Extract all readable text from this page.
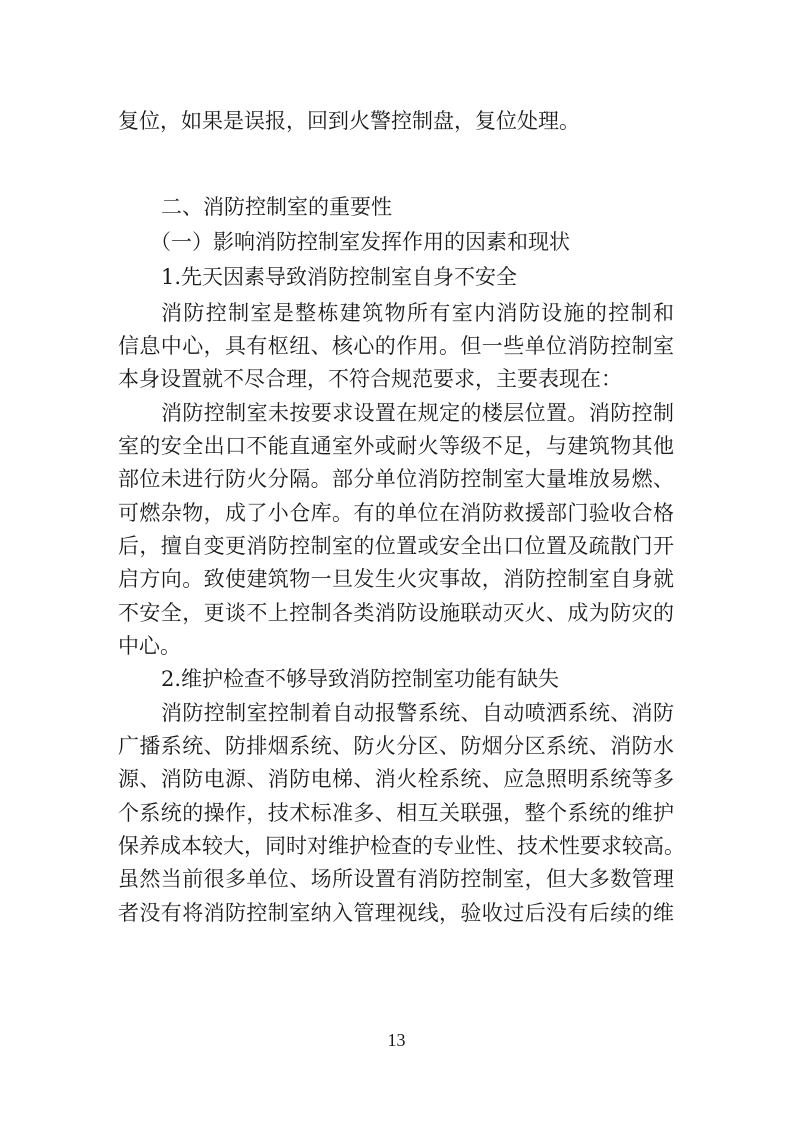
复位，如果是误报，回到火警控制盘，复位处理。
二、消防控制室的重要性
（一）影响消防控制室发挥作用的因素和现状
1.先天因素导致消防控制室自身不安全
消防控制室是整栋建筑物所有室内消防设施的控制和
信息中心，具有枢纽、核心的作用。但一些单位消防控制室
本身设置就不尽合理，不符合规范要求，主要表现在：
消防控制室未按要求设置在规定的楼层位置。消防控制
室的安全出口不能直通室外或耐火等级不足，与建筑物其他
部位未进行防火分隔。部分单位消防控制室大量堆放易燃、
可燃杂物，成了小仓库。有的单位在消防救援部门验收合格
后，擅自变更消防控制室的位置或安全出口位置及疏散门开
启方向。致使建筑物一旦发生火灾事故，消防控制室自身就
不安全，更谈不上控制各类消防设施联动灭火、成为防灾的
中心。
2.维护检查不够导致消防控制室功能有缺失
消防控制室控制着自动报警系统、自动喷洒系统、消防
广播系统、防排烟系统、防火分区、防烟分区系统、消防水
源、消防电源、消防电梯、消火栓系统、应急照明系统等多
个系统的操作，技术标准多、相互关联强，整个系统的维护
保养成本较大，同时对维护检查的专业性、技术性要求较高。
虽然当前很多单位、场所设置有消防控制室，但大多数管理
者没有将消防控制室纳入管理视线，验收过后没有后续的维
13
